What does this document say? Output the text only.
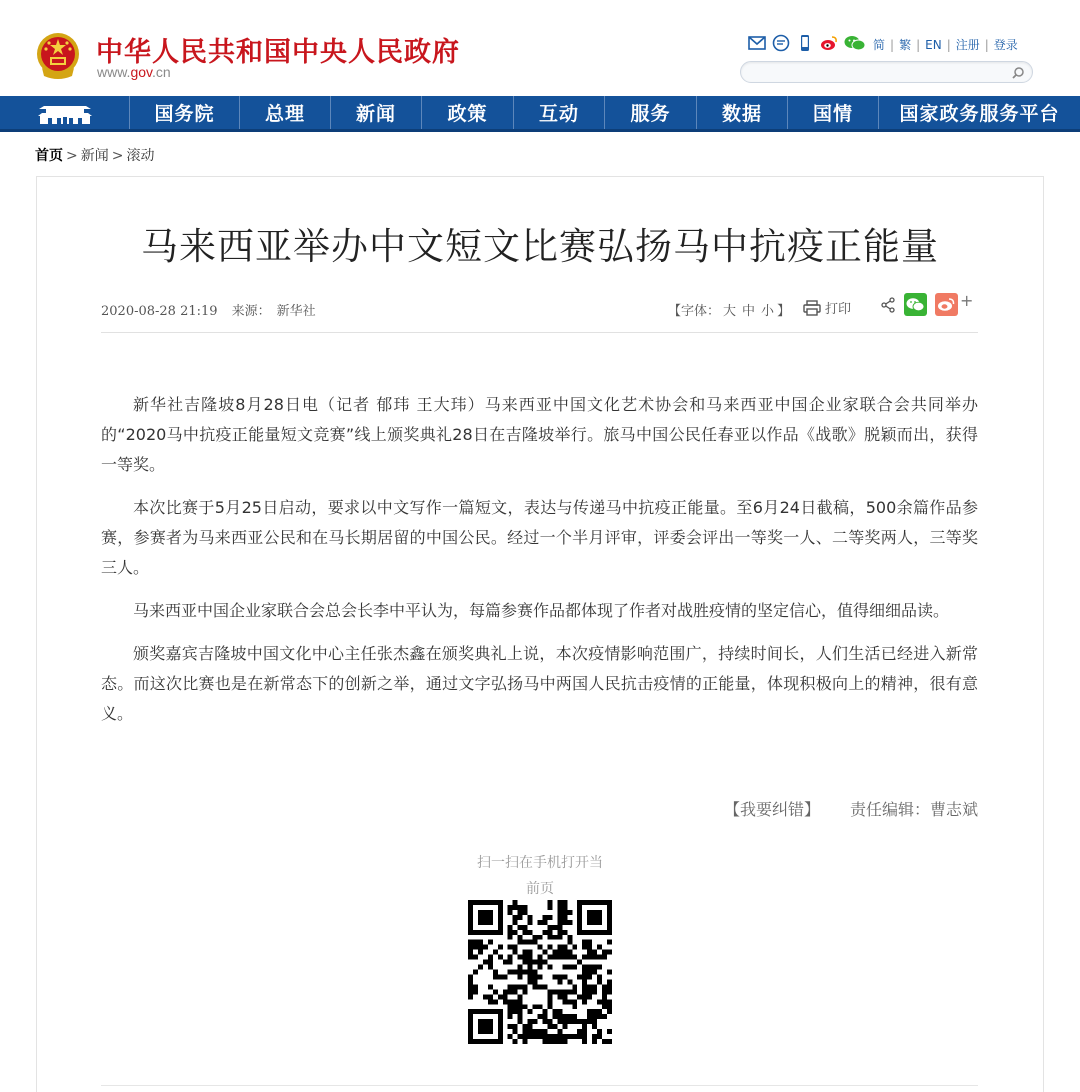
中华人民共和国中央人民政府
www.gov.cn
简 | 繁 | EN | 注册 | 登录
国务院	总理	新闻	政策	互动	服务	数据	国情	国家政务服务平台
首页 > 新闻 > 滚动
马来西亚举办中文短文比赛弘扬马中抗疫正能量
2020-08-28 21:19 来源： 新华社	【字体： 大 中 小 】	打印	+

新华社吉隆坡8月28日电（记者 郁玮 王大玮）马来西亚中国文化艺术协会和马来西亚中国企业家联合会共同举办的“2020马中抗疫正能量短文竞赛”线上颁奖典礼28日在吉隆坡举行。旅马中国公民任春亚以作品《战歌》脱颖而出，获得一等奖。

本次比赛于5月25日启动，要求以中文写作一篇短文，表达与传递马中抗疫正能量。至6月24日截稿，500余篇作品参赛，参赛者为马来西亚公民和在马长期居留的中国公民。经过一个半月评审，评委会评出一等奖一人、二等奖两人，三等奖三人。

马来西亚中国企业家联合会总会长李中平认为，每篇参赛作品都体现了作者对战胜疫情的坚定信心，值得细细品读。

颁奖嘉宾吉隆坡中国文化中心主任张杰鑫在颁奖典礼上说，本次疫情影响范围广，持续时间长，人们生活已经进入新常态。而这次比赛也是在新常态下的创新之举，通过文字弘扬马中两国人民抗击疫情的正能量，体现积极向上的精神，很有意义。

【我要纠错】 责任编辑：曹志斌
扫一扫在手机打开当
前页
